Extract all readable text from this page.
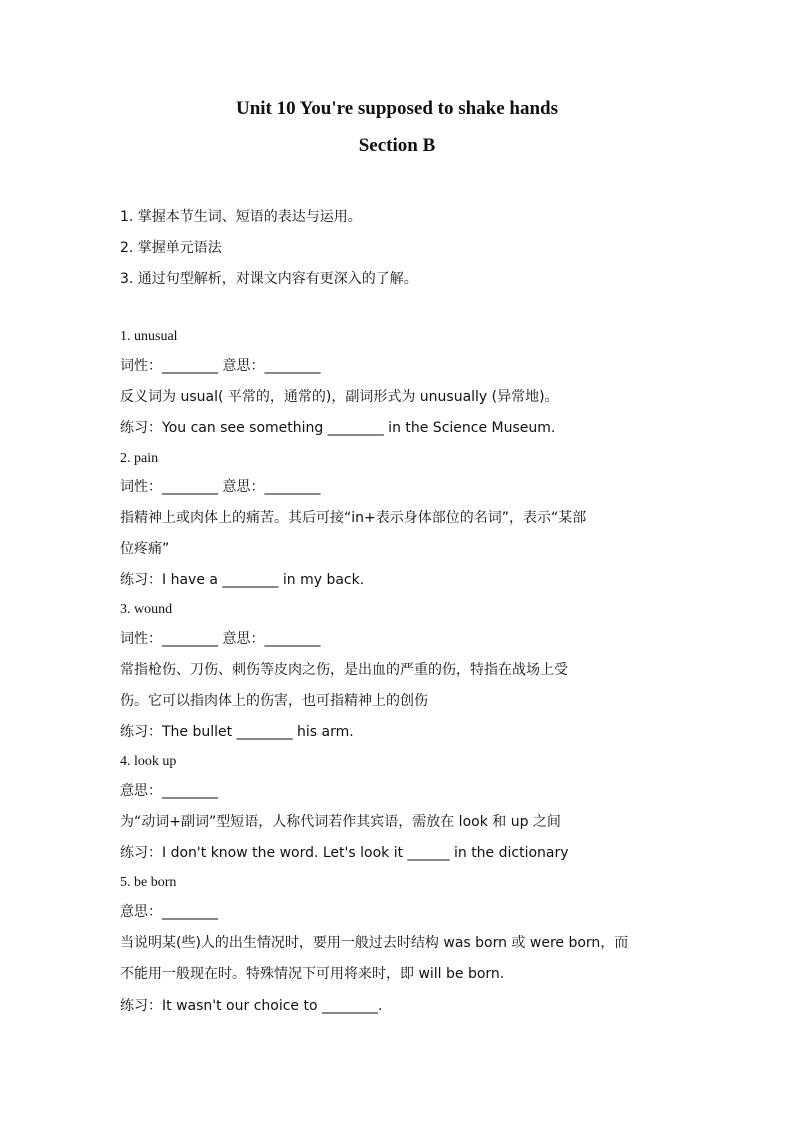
Unit 10 You're supposed to shake hands
Section B
1. 掌握本节生词、短语的表达与运用。
2. 掌握单元语法
3. 通过句型解析，对课文内容有更深入的了解。
1. unusual
词性：________ 意思：________
反义词为 usual( 平常的，通常的)，副词形式为 unusually (异常地)。
练习：You can see something ________ in the Science Museum.
2. pain
词性：________ 意思：________
指精神上或肉体上的痛苦。其后可接“in+表示身体部位的名词”，表示“某部
位疼痛”
练习：I have a ________ in my back.
3. wound
词性：________ 意思：________
常指枪伤、刀伤、刺伤等皮肉之伤，是出血的严重的伤，特指在战场上受
伤。它可以指肉体上的伤害，也可指精神上的创伤
练习：The bullet ________ his arm.
4. look up
意思：________
为“动词+副词”型短语，人称代词若作其宾语，需放在 look 和 up 之间
练习：I don't know the word. Let's look it ______ in the dictionary
5. be born
意思：________
当说明某(些)人的出生情况时，要用一般过去时结构 was born 或 were born，而
不能用一般现在时。特殊情况下可用将来时，即 will be born.
练习：It wasn't our choice to ________.
